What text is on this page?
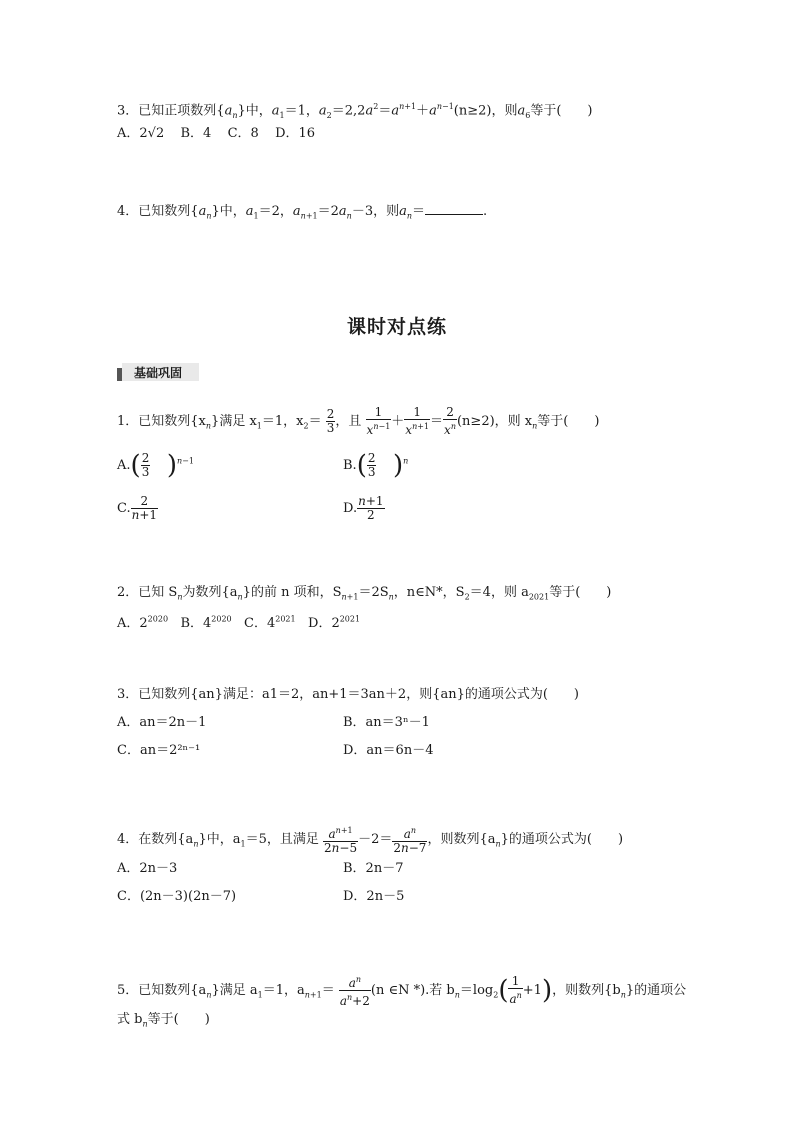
3．已知正项数列$\{a_n\}$中，$a_1=1$，$a_2=2,2a^2=a^{n+1}+a^{n-1}(n\ge 2)$，则$a_6$等于(　　)
A．2√2 B．4 C．8 D．16
4．已知数列$\{a_n\}$中，$a_1=2$，$a_{n+1}=2a_n-3$，则$a_n=$	.
课时对点练
基础巩固
1．已知数列$\{x_n\}$满足 $x_1=1$，$x_2= \frac{2}{3}$ ，且 $\frac{1}{x^{n-1}} + \frac{1}{x^{n+1}} = \frac{2}{x^n} (n\ge 2)$，则 $x_n$等于(　　)
$A.( \frac{2}{3} )^{n-1}$	$B.( \frac{2}{3} )^n$
C. $\frac{2}{n+1}$	D. $\frac{n+1}{2}$
2．已知 $S_n$为数列$\{a_n\}$的前 n 项和，$S_{n+1}=2S_n$，n∈N*，$S_2=4$，则 $a_{2021}$等于(　　)
A．$2^{2020}$ B．$4^{2020}$ C．$4^{2021}$ D．$2^{2021}$
3．已知数列{an}满足：a1＝2，an+1＝3an＋2，则{an}的通项公式为(　　)
A．an＝2n－1	B．an＝3ⁿ－1
C．an＝2²ⁿ⁻¹	D．an＝6n－4
4．在数列$\{a_n\}$中，$a_1=5$，且满足 $\frac{a^{n+1}}{2n-5} -2= \frac{a^n}{2n-7}$ ，则数列$\{a_n\}$的通项公式为(　　)
A．2n－3	B．2n－7
C．(2n－3)(2n－7)	D．2n－5
5．已知数列$\{a_n\}$满足 $a_1=1$，$a_{n+1}= \frac{a^n}{a^n+2} (n$ ∈N *).若 $b_n=\log_2( \frac{1}{a^n} +1)$，则数列$\{b_n\}$的通项公
式 $b_n$等于(　　)
